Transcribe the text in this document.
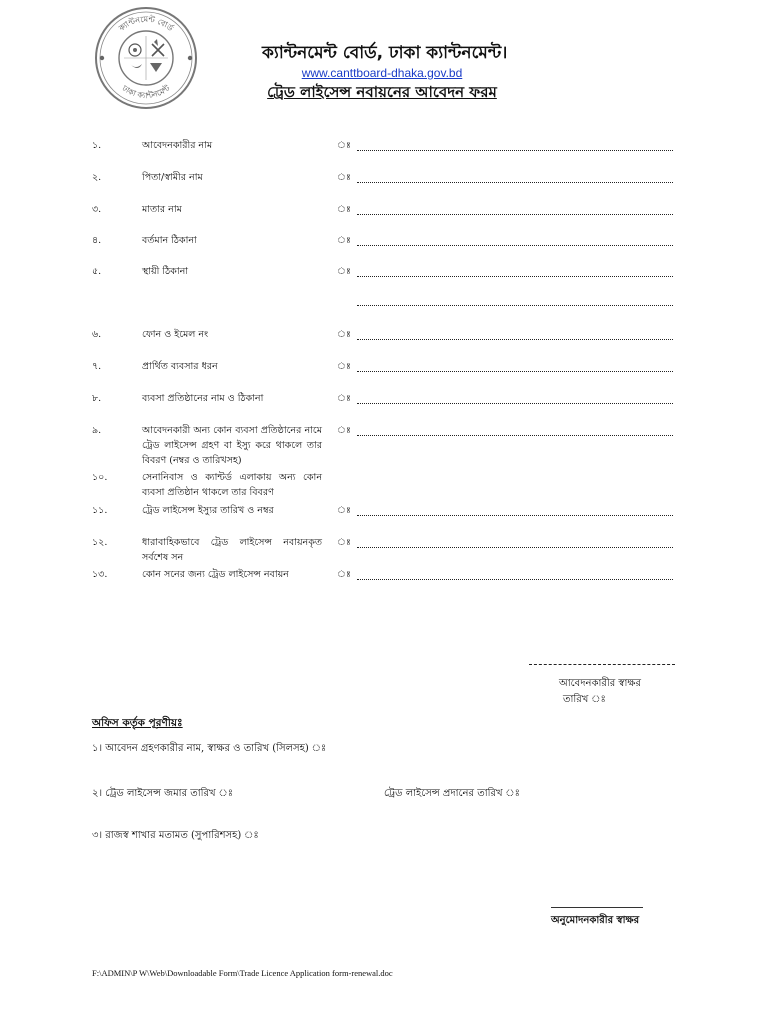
ক্যান্টনমেন্ট বোর্ড
ঢাকা ক্যান্টনমেন্ট
ক্যান্টনমেন্ট বোর্ড, ঢাকা ক্যান্টনমেন্ট।
www.canttboard-dhaka.gov.bd
ট্রেড লাইসেন্স নবায়নের আবেদন ফরম
১.	আবেদনকারীর নাম	ঃ
২.	পিতা/স্বামীর নাম	ঃ
৩.	মাতার নাম	ঃ
৪.	বর্তমান ঠিকানা	ঃ
৫.	স্থায়ী ঠিকানা	ঃ
৬.	ফোন ও ইমেল নং	ঃ
৭.	প্রার্থিত ব্যবসার ধরন	ঃ
৮.	ব্যবসা প্রতিষ্ঠানের নাম ও ঠিকানা	ঃ
৯.	আবেদনকারী অন্য কোন ব্যবসা প্রতিষ্ঠানের নামে ট্রেড লাইসেন্স গ্রহণ বা ইস্যু করে থাকলে তার বিবরণ (নম্বর ও তারিখসহ)
ঃ
১০.	সেনানিবাস ও ক্যান্টর্ড এলাকায় অন্য কোন ব্যবসা প্রতিষ্ঠান থাকলে তার বিবরণ
১১.	ট্রেড লাইসেন্স ইস্যুর তারিখ ও নম্বর	ঃ
১২.	ধারাবাহিকভাবে ট্রেড লাইসেন্স নবায়নকৃত সর্বশেষ সন
ঃ
১৩.	কোন সনের জন্য ট্রেড লাইসেন্স নবায়ন	ঃ
আবেদনকারীর স্বাক্ষর
তারিখ ঃ
অফিস কর্তৃক পূরণীয়ঃ
১। আবেদন গ্রহণকারীর নাম, স্বাক্ষর ও তারিখ (সিলসহ) ঃ
২। ট্রেড লাইসেন্স জমার তারিখ ঃ	ট্রেড লাইসেন্স প্রদানের তারিখ ঃ
৩। রাজস্ব শাখার মতামত (সুপারিশসহ) ঃ
অনুমোদনকারীর স্বাক্ষর
F:\ADMIN\P W\Web\Downloadable Form\Trade Licence Application form-renewal.doc
